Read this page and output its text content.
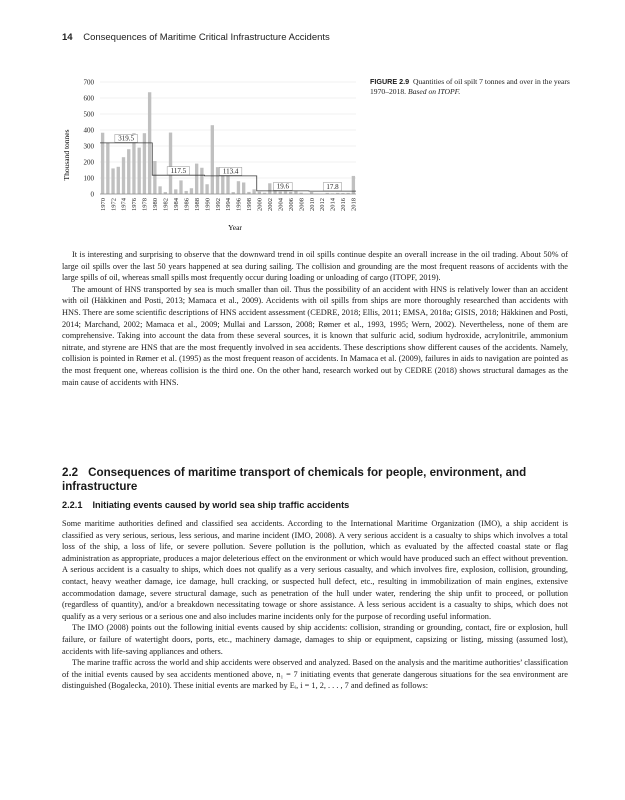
14 Consequences of Maritime Critical Infrastructure Accidents
319.5
117.5	113.4
19.6	17.8
0
100
200
300
400
500
600
700
1970 1972 1974 1976 1978 1980 1982 1984 1986 1988 1990 1992 1994 1996 1998 2000 2002 2004 2006 2008 2010 2012 2014 2016 2018
Thousand tonnes
Year
FIGURE 2.9 Quantities of oil spilt 7 tonnes and over in the years 1970–2018. Based on ITOPF.

It is interesting and surprising to observe that the downward trend in oil spills continue despite an overall increase in the oil trading. About 50% of large oil spills over the last 50 years happened at sea during sailing. The collision and grounding are the most frequent reasons of accidents with the large spills of oil, whereas small spills most frequently occur during loading or unloading of cargo (ITOPF, 2019).

The amount of HNS transported by sea is much smaller than oil. Thus the possibility of an accident with HNS is relatively lower than an accident with oil (Häkkinen and Posti, 2013; Mamaca et al., 2009). Accidents with oil spills from ships are more thoroughly researched than accidents with HNS. There are some scientific descriptions of HNS accident assessment (CEDRE, 2018; Ellis, 2011; EMSA, 2018a; GISIS, 2018; Häkkinen and Posti, 2014; Marchand, 2002; Mamaca et al., 2009; Mullai and Larsson, 2008; Rømer et al., 1993, 1995; Wern, 2002). Nevertheless, none of them are comprehensive. Taking into account the data from these several sources, it is known that sulfuric acid, sodium hydroxide, acrylonitrile, ammonium nitrate, and styrene are HNS that are the most frequently involved in sea accidents. These descriptions show different causes of the accidents. Namely, collision is pointed in Rømer et al. (1995) as the most frequent reason of accidents. In Mamaca et al. (2009), failures in aids to navigation are pointed as the most frequent one, whereas collision is the third one. On the other hand, research worked out by CEDRE (2018) shows structural damages as the main cause of accidents with HNS.

2.2 Consequences of maritime transport of chemicals for people, environment, and infrastructure
2.2.1 Initiating events caused by world sea ship traffic accidents

Some maritime authorities defined and classified sea accidents. According to the International Maritime Organization (IMO), a ship accident is classified as very serious, serious, less serious, and marine incident (IMO, 2008). A very serious accident is a casualty to ships which involves a total loss of the ship, a loss of life, or severe pollution. Severe pollution is the pollution, which as evaluated by the affected coastal state or flag administration as appropriate, produces a major deleterious effect on the environment or which would have produced such an effect without prevention. A serious accident is a casualty to ships, which does not qualify as a very serious casualty, and which involves fire, explosion, collision, grounding, contact, heavy weather damage, ice damage, hull cracking, or suspected hull defect, etc., resulting in immobilization of main engines, extensive accommodation damage, severe structural damage, such as penetration of the hull under water, rendering the ship unfit to proceed, or pollution (regardless of quantity), and/or a breakdown necessitating towage or shore assistance. A less serious accident is a casualty to ships, which does not qualify as a very serious or a serious one and also includes marine incidents only for the purpose of recording useful information.

The IMO (2008) points out the following initial events caused by ship accidents: collision, stranding or grounding, contact, fire or explosion, hull failure, or failure of watertight doors, ports, etc., machinery damage, damages to ship or equipment, capsizing or listing, missing (assumed lost), accidents with life-saving appliances and others.

The marine traffic across the world and ship accidents were observed and analyzed. Based on the analysis and the maritime authorities’ classification of the initial events caused by sea accidents mentioned above, n₁ = 7 initiating events that generate dangerous situations for the sea environment are distinguished (Bogalecka, 2010). These initial events are marked by Eᵢ, i = 1, 2, . . . , 7 and defined as follows:
